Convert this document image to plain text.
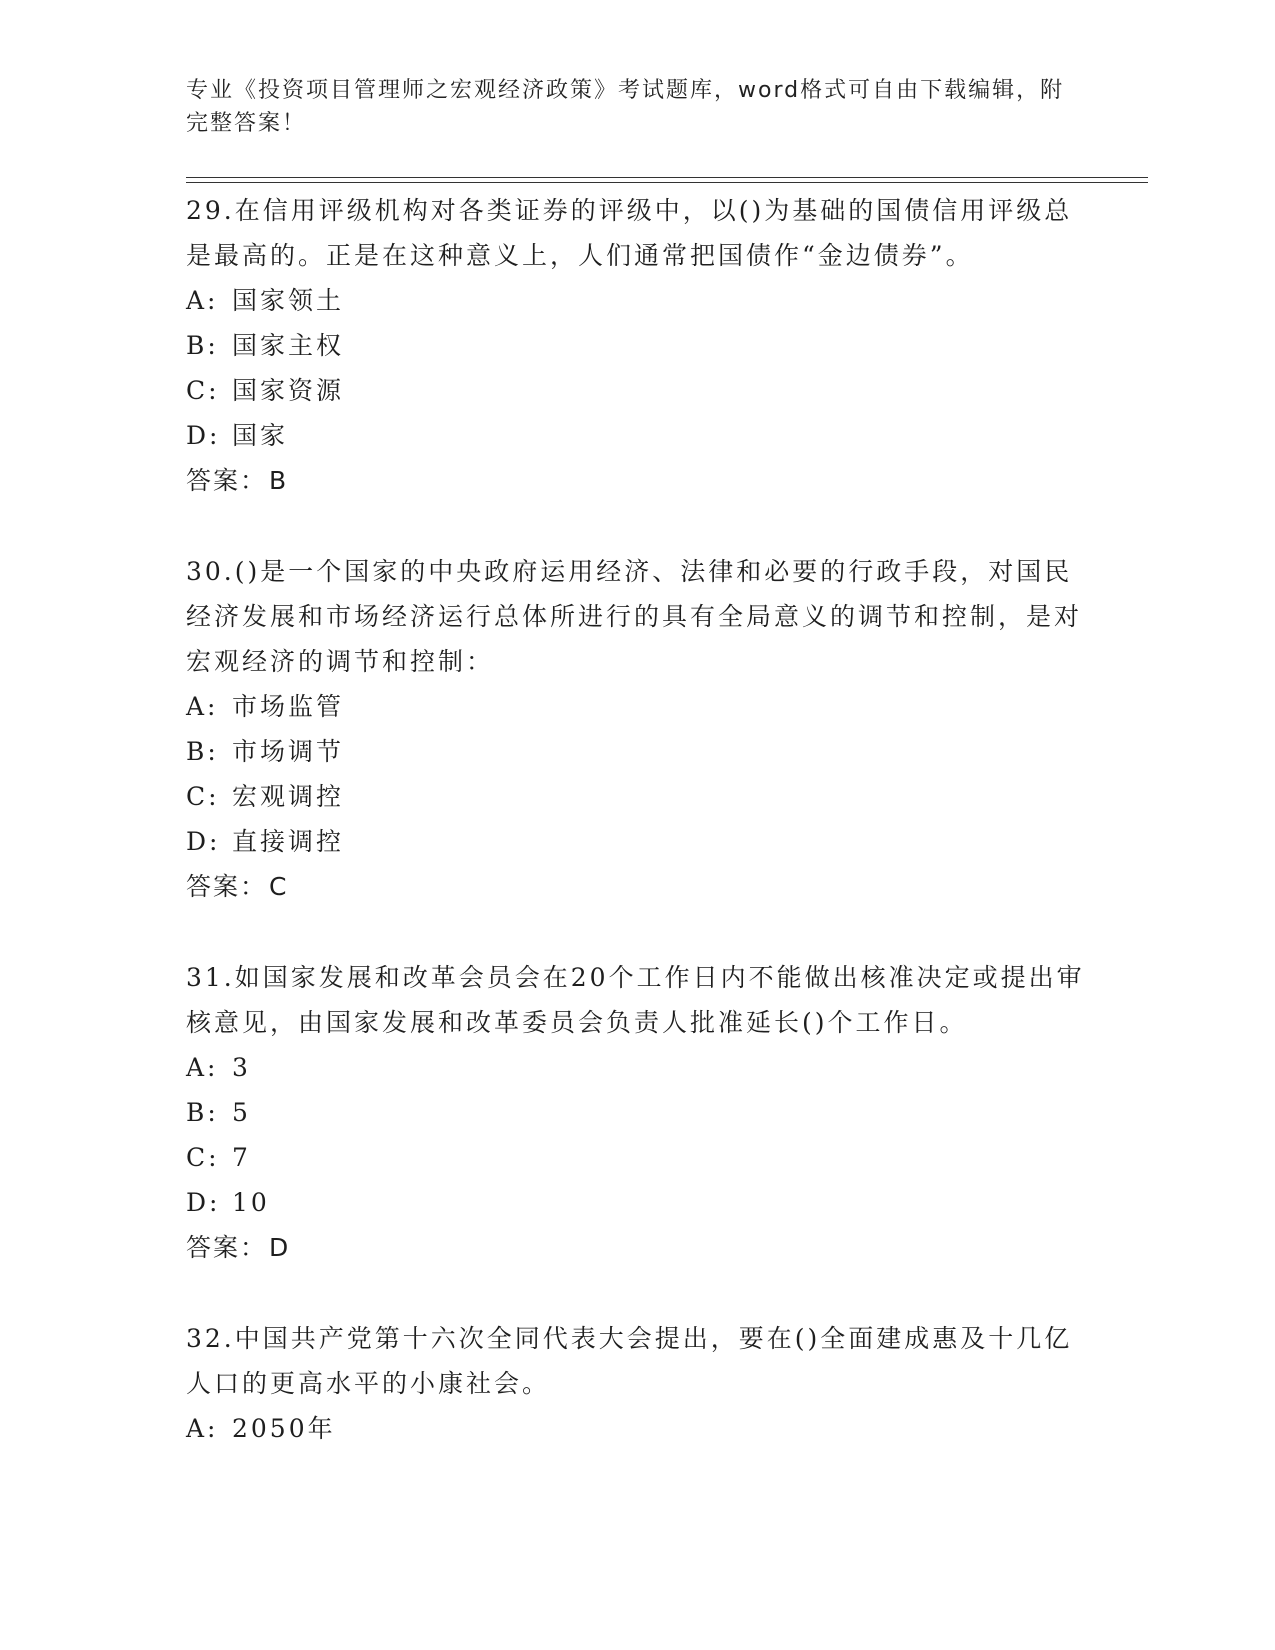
专业《投资项目管理师之宏观经济政策》考试题库，word格式可自由下载编辑，附完整答案！

29.在信用评级机构对各类证券的评级中，以()为基础的国债信用评级总是最高的。正是在这种意义上，人们通常把国债作“金边债券”。

A: 国家领土
B: 国家主权
C: 国家资源
D: 国家
答案：B

30.()是一个国家的中央政府运用经济、法律和必要的行政手段，对国民经济发展和市场经济运行总体所进行的具有全局意义的调节和控制，是对宏观经济的调节和控制：

A: 市场监管
B: 市场调节
C: 宏观调控
D: 直接调控
答案：C

31.如国家发展和改革会员会在20个工作日内不能做出核准决定或提出审核意见，由国家发展和改革委员会负责人批准延长()个工作日。

A: 3
B: 5
C: 7
D: 10
答案：D

32.中国共产党第十六次全同代表大会提出，要在()全面建成惠及十几亿人口的更高水平的小康社会。

A: 2050年
